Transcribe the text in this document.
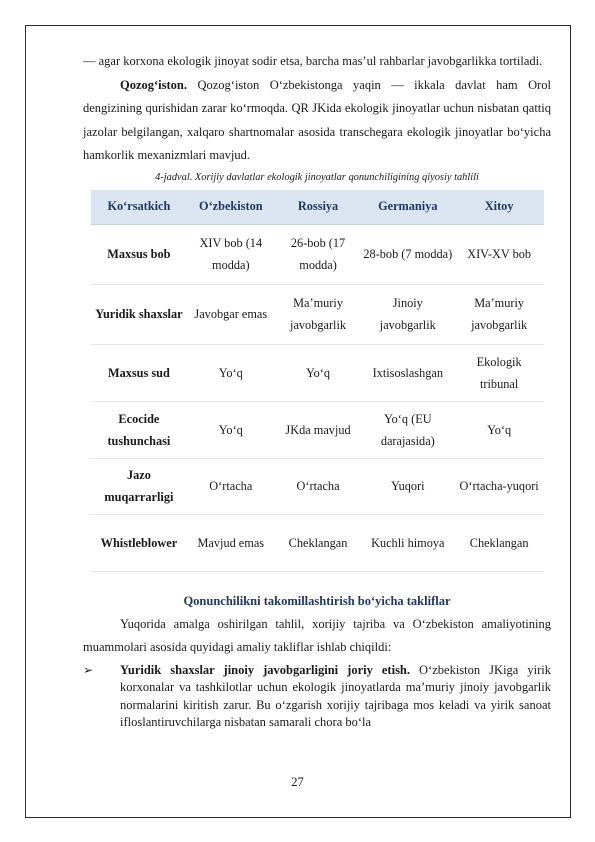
— agar korxona ekologik jinoyat sodir etsa, barcha mas’ul rahbarlar javobgarlikka tortiladi.

Qozog‘iston. Qozog‘iston O‘zbekistonga yaqin — ikkala davlat ham Orol dengizining qurishidan zarar ko‘rmoqda. QR JKida ekologik jinoyatlar uchun nisbatan qattiq jazolar belgilangan, xalqaro shartnomalar asosida transchegara ekologik jinoyatlar bo‘yicha hamkorlik mexanizmlari mavjud.

4-jadval. Xorijiy davlatlar ekologik jinoyatlar qonunchiligining qiyosiy tahlili

Ko‘rsatkich	O‘zbekiston	Rossiya	Germaniya	Xitoy
Maxsus bob	XIV bob (14 modda)	26-bob (17 modda)	28-bob (7 modda)	XIV-XV bob
Yuridik shaxslar	Javobgar emas	Ma’muriy javobgarlik	Jinoiy javobgarlik	Ma’muriy javobgarlik
Maxsus sud	Yo‘q	Yo‘q	Ixtisoslashgan	Ekologik tribunal
Ecocide tushunchasi	Yo‘q	JKda mavjud	Yo‘q (EU darajasida)	Yo‘q
Jazo muqarrarligi	O‘rtacha	O‘rtacha	Yuqori	O‘rtacha-yuqori
Whistleblower	Mavjud emas	Cheklangan	Kuchli himoya	Cheklangan
Qonunchilikni takomillashtirish bo‘yicha takliflar

Yuqorida amalga oshirilgan tahlil, xorijiy tajriba va O‘zbekiston amaliyotining muammolari asosida quyidagi amaliy takliflar ishlab chiqildi:

➢ Yuridik shaxslar jinoiy javobgarligini joriy etish. O‘zbekiston JKiga yirik korxonalar va tashkilotlar uchun ekologik jinoyatlarda ma’muriy jinoiy javobgarlik normalarini kiritish zarur. Bu o‘zgarish xorijiy tajribaga mos keladi va yirik sanoat ifloslantiruvchilarga nisbatan samarali chora bo‘la

27
